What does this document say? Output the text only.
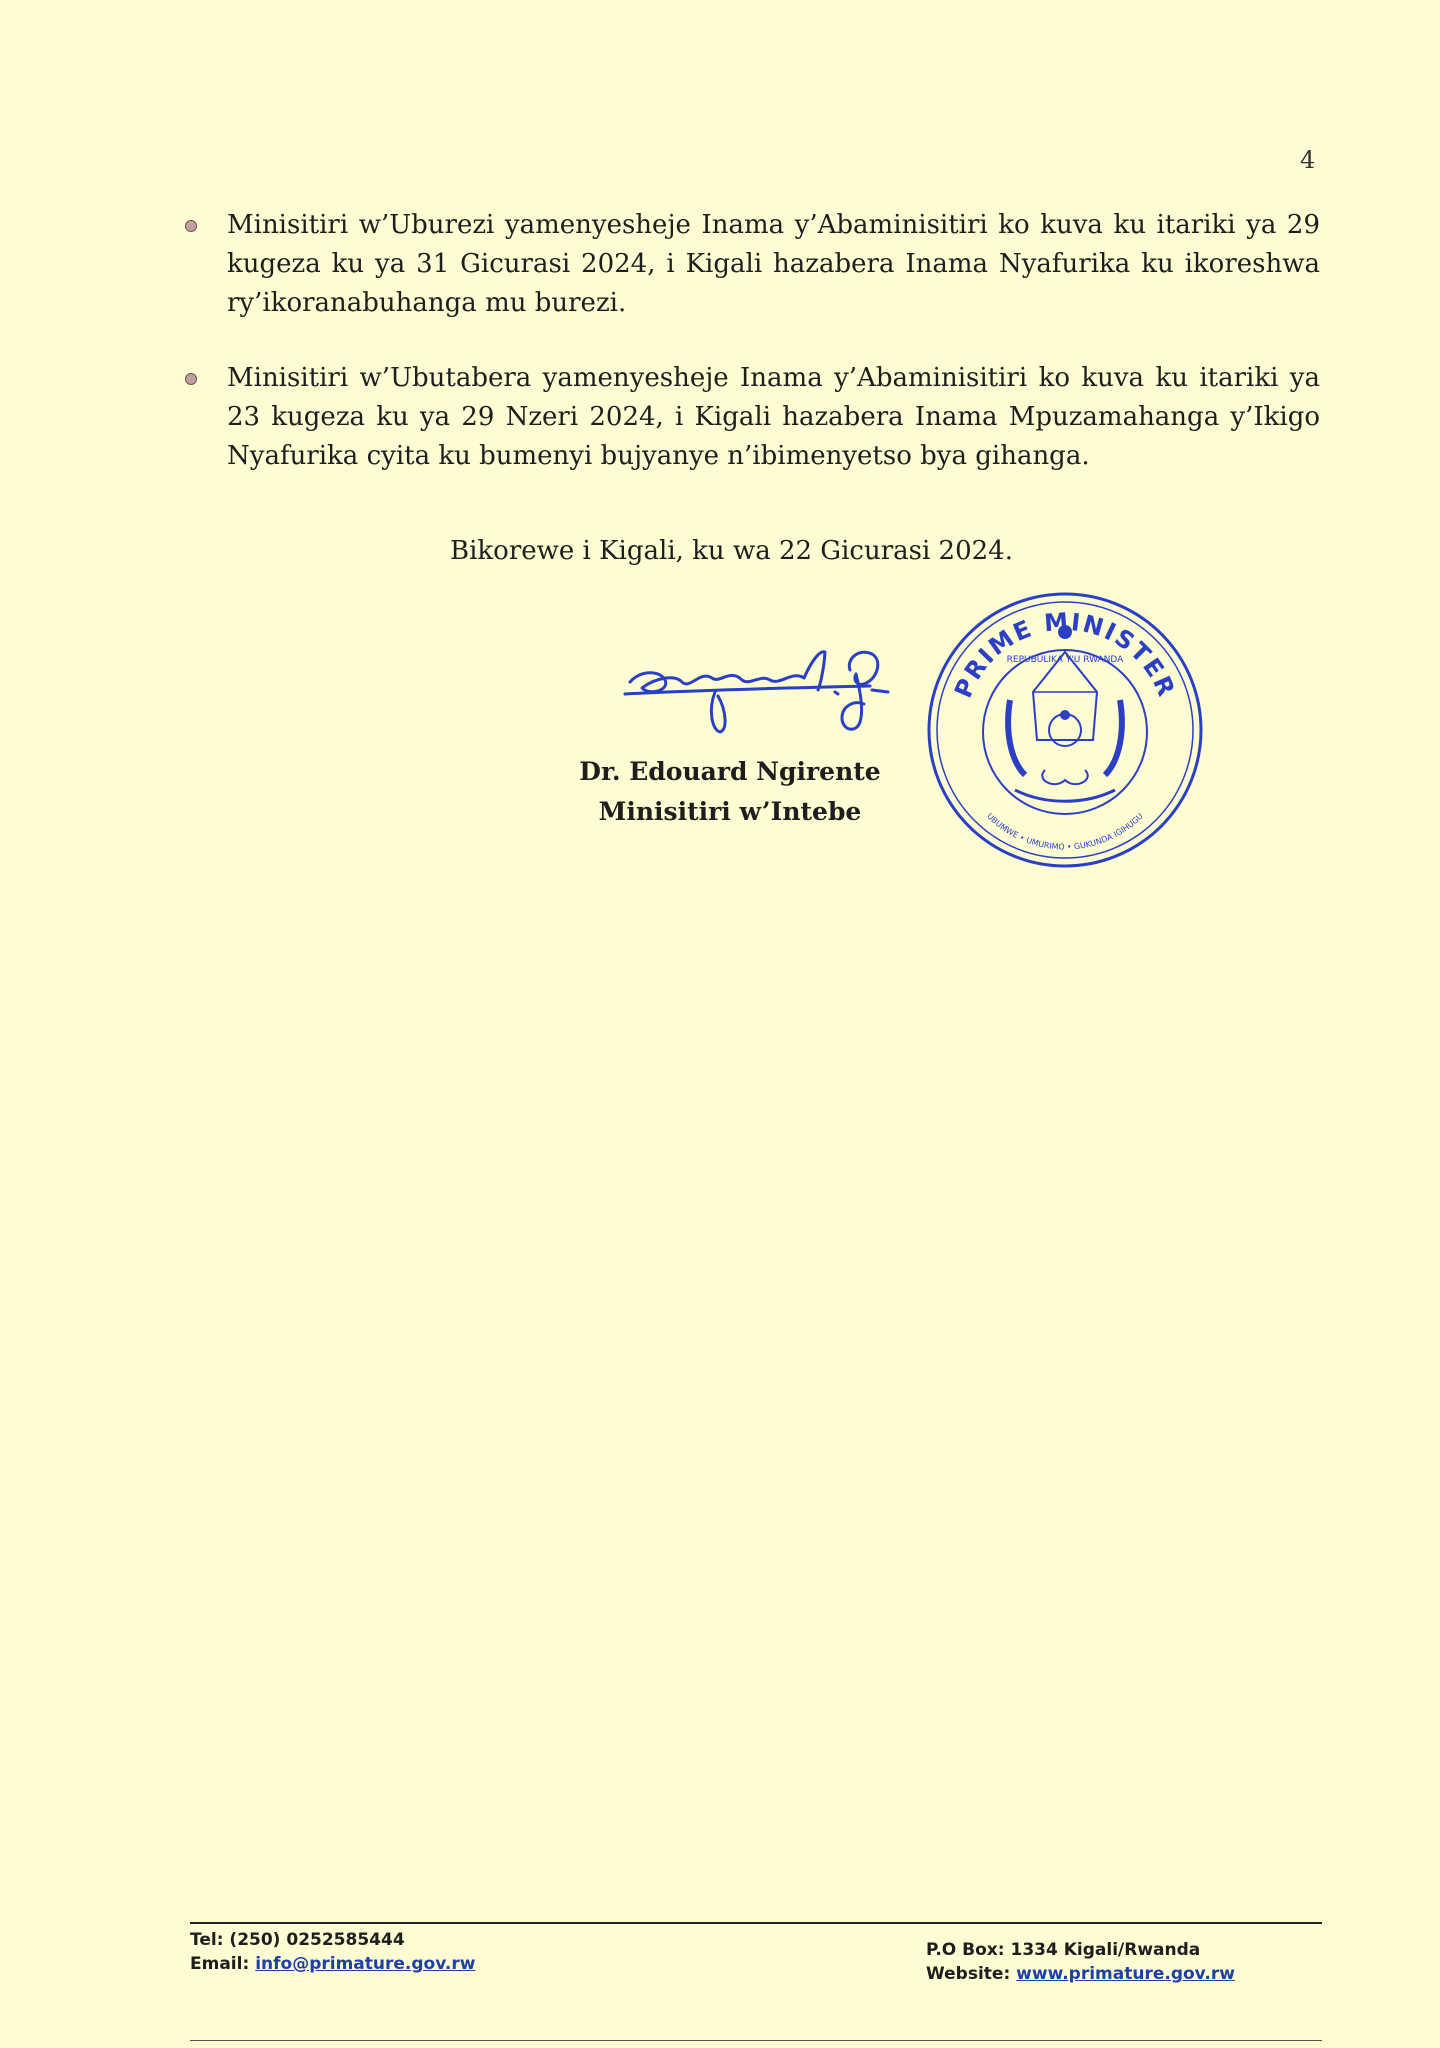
4
Minisitiri w’Uburezi yamenyesheje Inama y’Abaminisitiri ko kuva ku itariki ya 29 kugeza ku ya 31 Gicurasi 2024, i Kigali hazabera Inama Nyafurika ku ikoreshwa ry’ikoranabuhanga mu burezi.
Minisitiri w’Ubutabera yamenyesheje Inama y’Abaminisitiri ko kuva ku itariki ya 23 kugeza ku ya 29 Nzeri 2024, i Kigali hazabera Inama Mpuzamahanga y’Ikigo Nyafurika cyita ku bumenyi bujyanye n’ibimenyetso bya gihanga.
Bikorewe i Kigali, ku wa 22 Gicurasi 2024.
PRIME MINISTER
REPUBULIKA Y'U RWANDA
UBUMWE • UMURIMO • GUKUNDA IGIHUGU
Dr. Edouard Ngirente
Minisitiri w’Intebe
Tel: (250) 0252585444
Email: info@primature.gov.rw
P.O Box: 1334 Kigali/Rwanda
Website: www.primature.gov.rw
